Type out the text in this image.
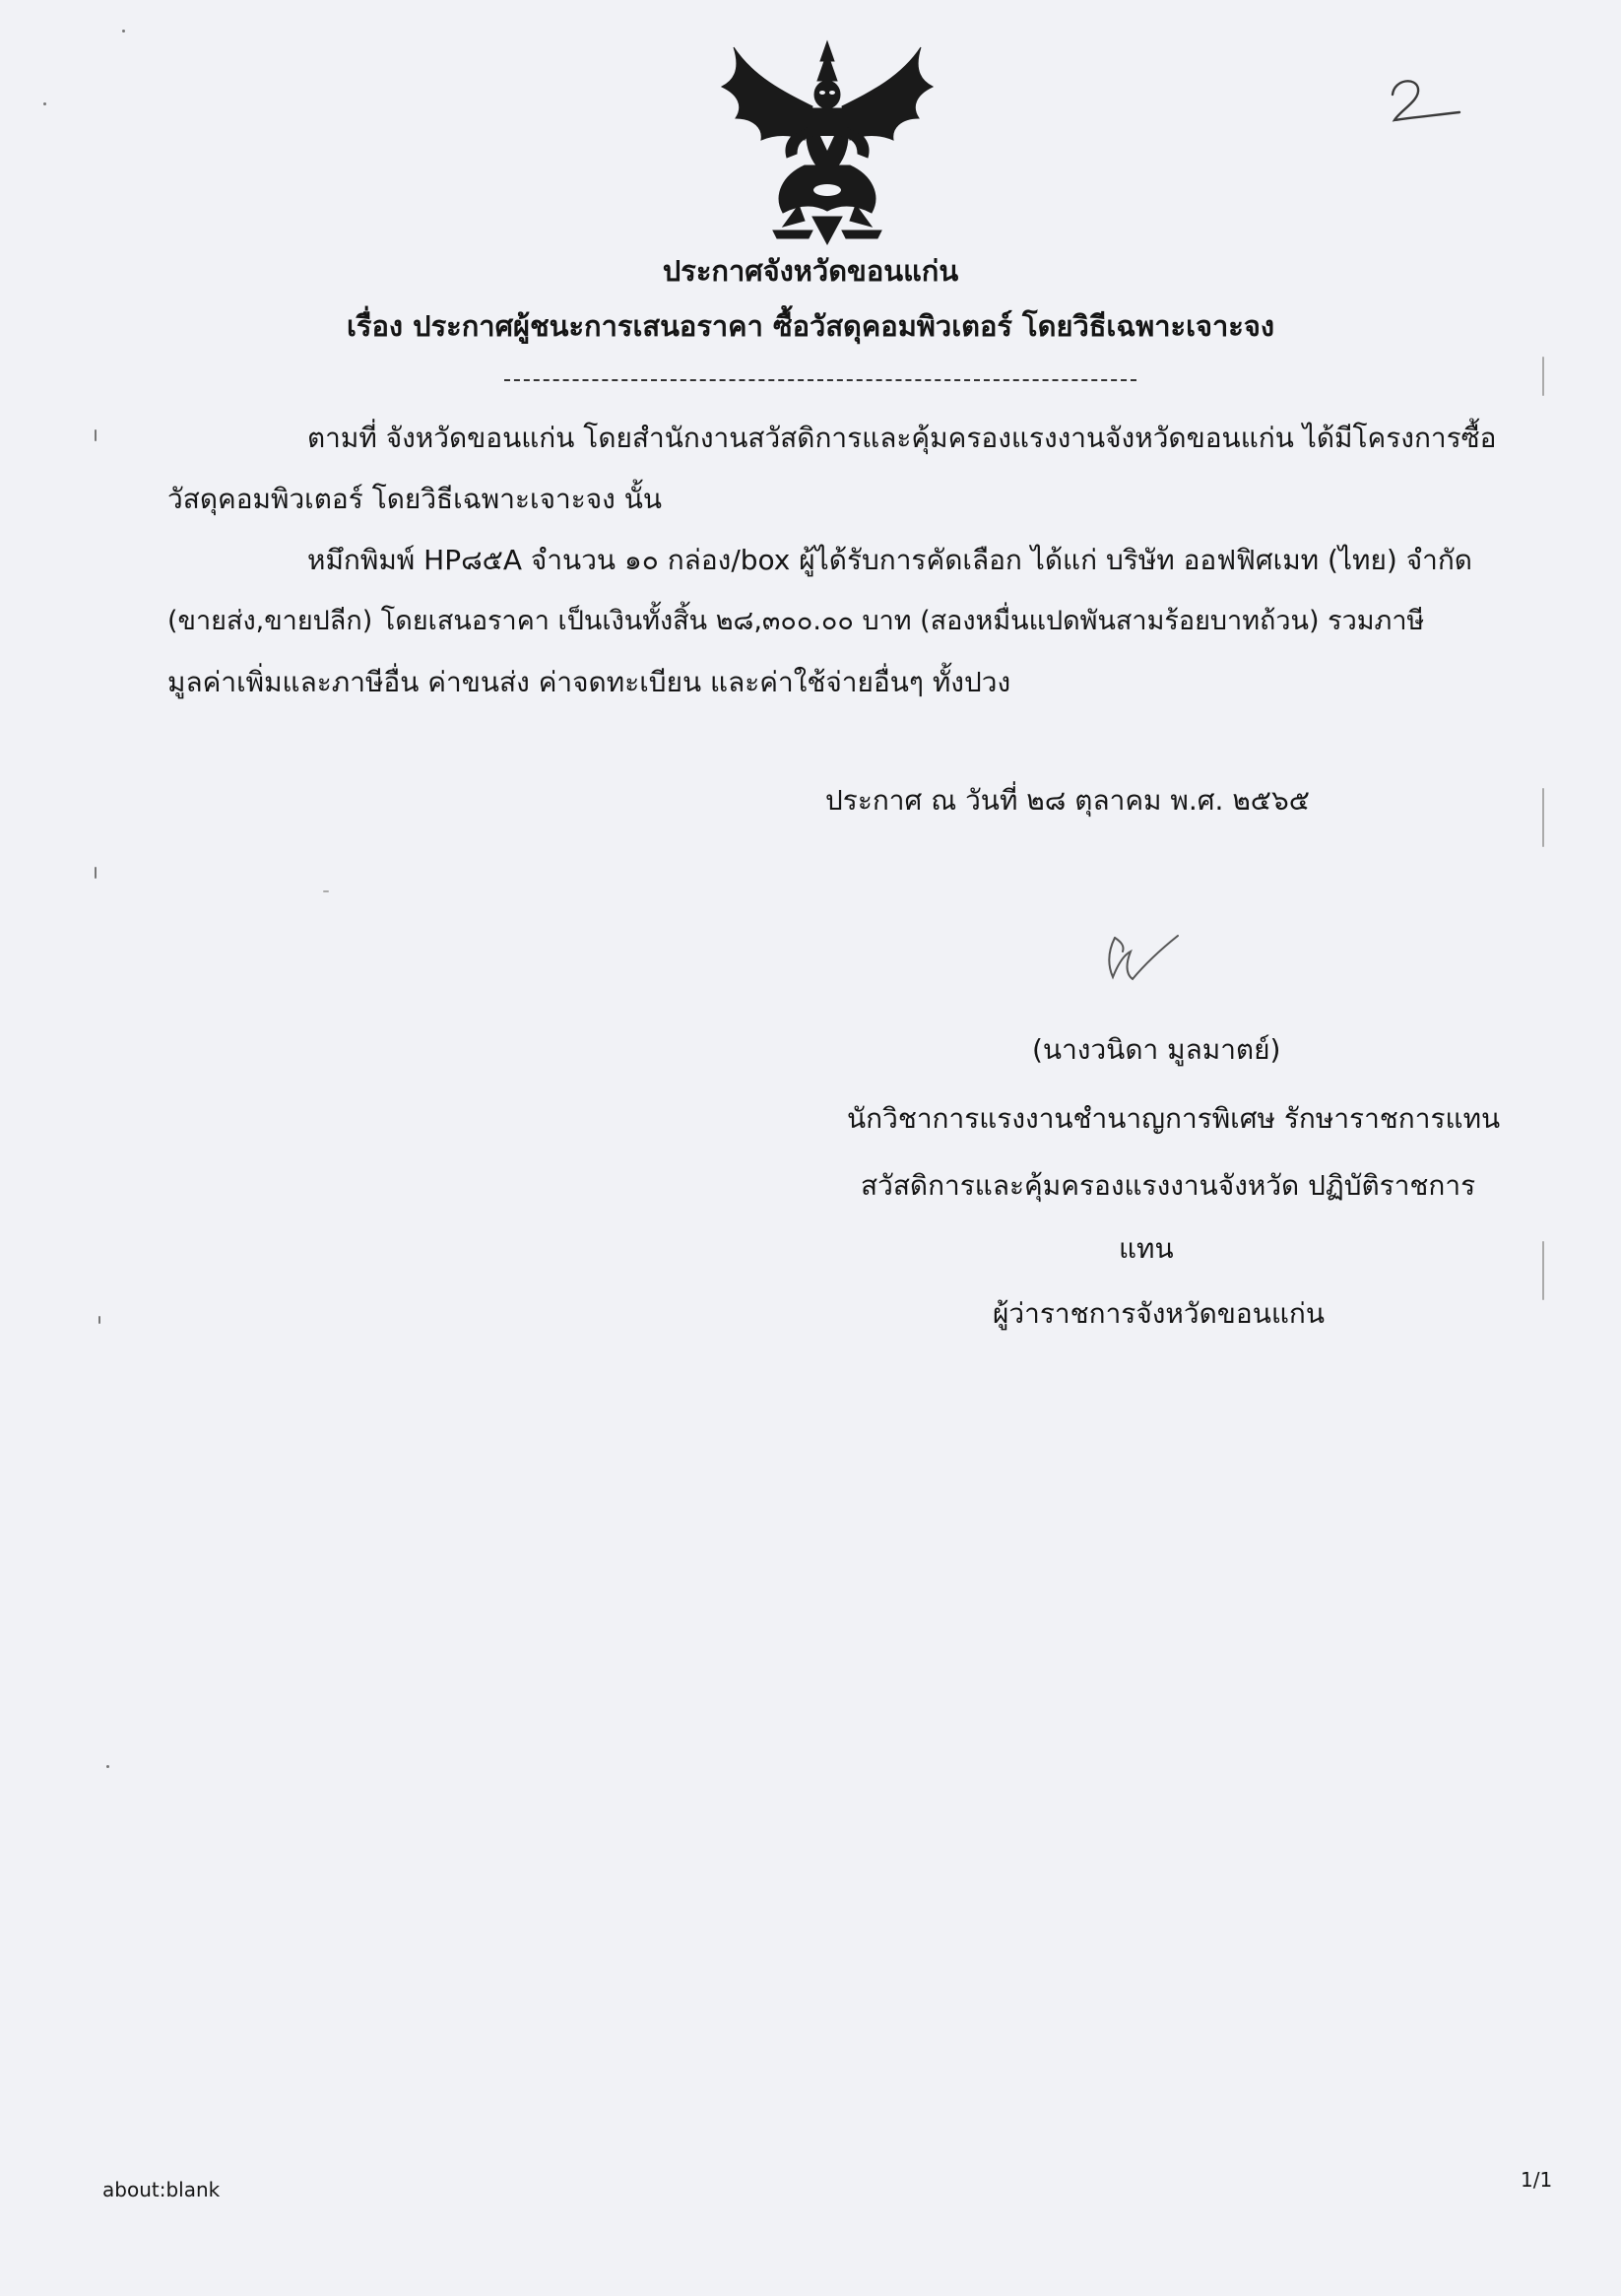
ประกาศจังหวัดขอนแก่น
เรื่อง ประกาศผู้ชนะการเสนอราคา ซื้อวัสดุคอมพิวเตอร์ โดยวิธีเฉพาะเจาะจง
ตามที่ จังหวัดขอนแก่น โดยสำนักงานสวัสดิการและคุ้มครองแรงงานจังหวัดขอนแก่น ได้มีโครงการซื้อ
วัสดุคอมพิวเตอร์ โดยวิธีเฉพาะเจาะจง นั้น
หมึกพิมพ์ HP๘๕A จำนวน ๑๐ กล่อง/box ผู้ได้รับการคัดเลือก ได้แก่ บริษัท ออฟฟิศเมท (ไทย) จำกัด
(ขายส่ง,ขายปลีก) โดยเสนอราคา เป็นเงินทั้งสิ้น ๒๘,๓๐๐.๐๐ บาท (สองหมื่นแปดพันสามร้อยบาทถ้วน) รวมภาษี
มูลค่าเพิ่มและภาษีอื่น ค่าขนส่ง ค่าจดทะเบียน และค่าใช้จ่ายอื่นๆ ทั้งปวง
ประกาศ ณ วันที่ ๒๘ ตุลาคม พ.ศ. ๒๕๖๕
(นางวนิดา มูลมาตย์)
นักวิชาการแรงงานชำนาญการพิเศษ รักษาราชการแทน
สวัสดิการและคุ้มครองแรงงานจังหวัด ปฏิบัติราชการ
แทน
ผู้ว่าราชการจังหวัดขอนแก่น
about:blank	1/1
